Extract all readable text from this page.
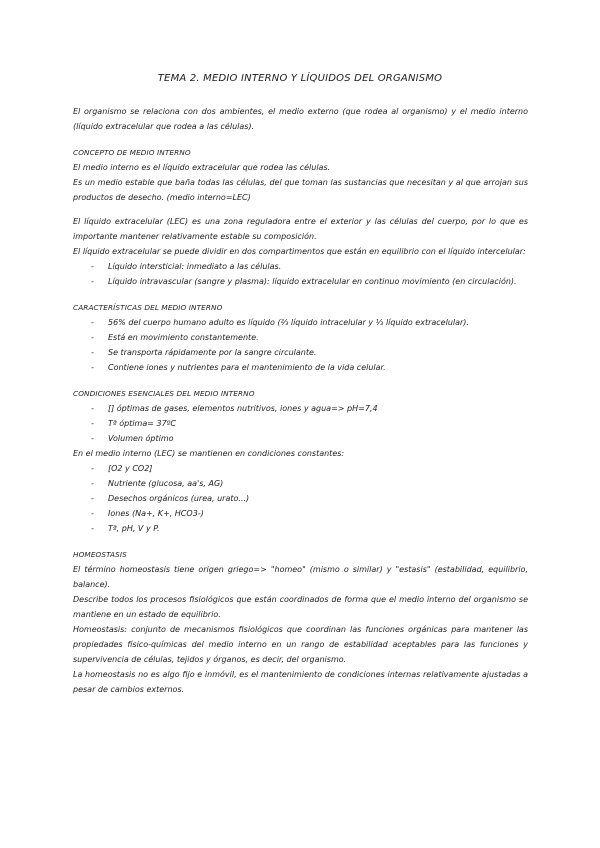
TEMA 2. MEDIO INTERNO Y LÍQUIDOS DEL ORGANISMO

El organismo se relaciona con dos ambientes, el medio externo (que rodea al organismo) y el medio interno (líquido extracelular que rodea a las células).

CONCEPTO DE MEDIO INTERNO

El medio interno es el líquido extracelular que rodea las células.

Es un medio estable que baña todas las células, del que toman las sustancias que necesitan y al que arrojan sus productos de desecho. (medio interno=LEC)

El líquido extracelular (LEC) es una zona reguladora entre el exterior y las células del cuerpo, por lo que es importante mantener relativamente estable su composición.

El líquido extracelular se puede dividir en dos compartimentos que están en equilibrio con el líquido intercelular:

- Líquido intersticial: inmediato a las células.
- Líquido intravascular (sangre y plasma): líquido extracelular en continuo movimiento (en circulación).

CARACTERÍSTICAS DEL MEDIO INTERNO

- 56% del cuerpo humano adulto es líquido (⅔ líquido intracelular y ⅓ líquido extracelular).
- Está en movimiento constantemente.
- Se transporta rápidamente por la sangre circulante.
- Contiene iones y nutrientes para el mantenimiento de la vida celular.

CONDICIONES ESENCIALES DEL MEDIO INTERNO

- [] óptimas de gases, elementos nutritivos, iones y agua=> pH=7,4
- Tª óptima= 37ºC
- Volumen óptimo

En el medio interno (LEC) se mantienen en condiciones constantes:

- [O2 y CO2]
- Nutriente (glucosa, aa's, AG)
- Desechos orgánicos (urea, urato...)
- Iones (Na+, K+, HCO3-)
- Tª, pH, V y P.

HOMEOSTASIS

El término homeostasis tiene origen griego=> "homeo" (mismo o similar) y "estasis" (estabilidad, equilibrio, balance).

Describe todos los procesos fisiológicos que están coordinados de forma que el medio interno del organismo se mantiene en un estado de equilibrio.

Homeostasis: conjunto de mecanismos fisiológicos que coordinan las funciones orgánicas para mantener las propiedades físico-químicas del medio interno en un rango de estabilidad aceptables para las funciones y supervivencia de células, tejidos y órganos, es decir, del organismo.

La homeostasis no es algo fijo e inmóvil, es el mantenimiento de condiciones internas relativamente ajustadas a pesar de cambios externos.
